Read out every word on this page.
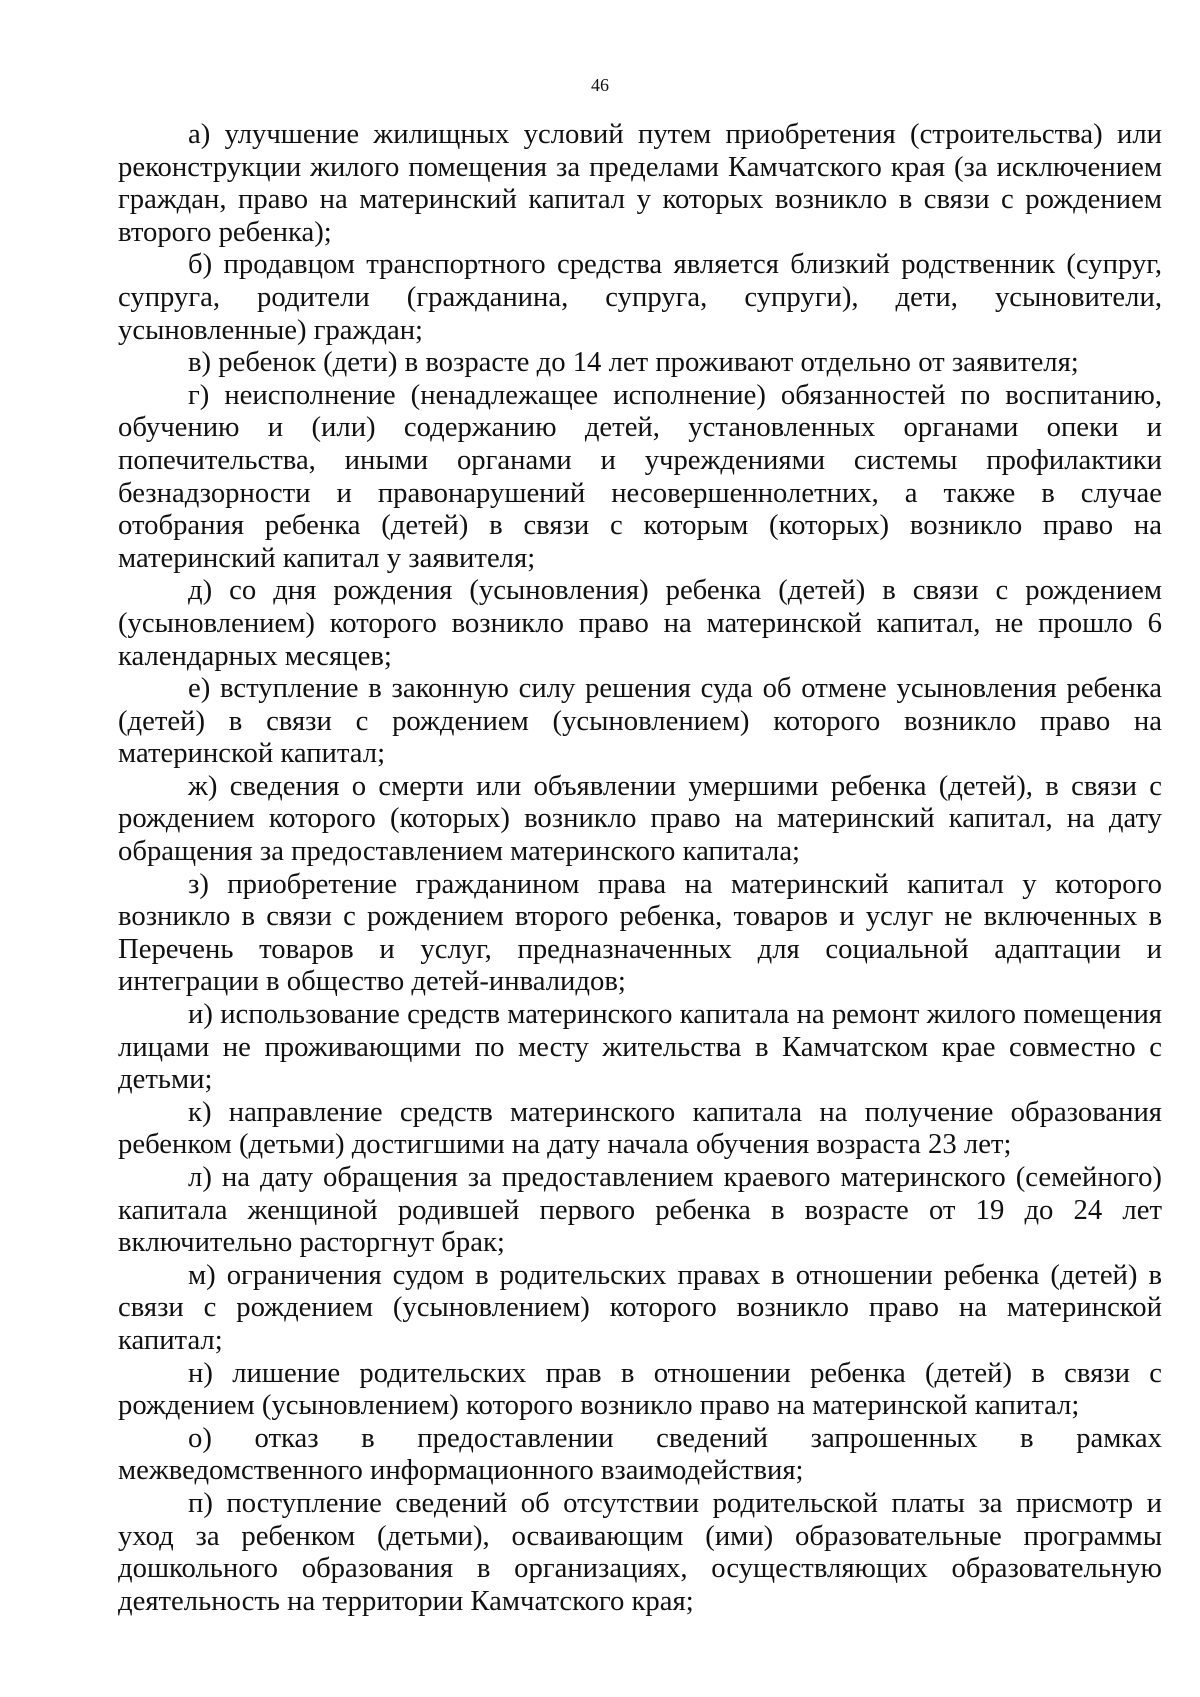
46

а) улучшение жилищных условий путем приобретения (строительства) или реконструкции жилого помещения за пределами Камчатского края (за исключением граждан, право на материнский капитал у которых возникло в связи с рождением второго ребенка);

б) продавцом транспортного средства является близкий родственник (супруг, супруга, родители (гражданина, супруга, супруги), дети, усыновители, усыновленные) граждан;

в) ребенок (дети) в возрасте до 14 лет проживают отдельно от заявителя;

г) неисполнение (ненадлежащее исполнение) обязанностей по воспитанию, обучению и (или) содержанию детей, установленных органами опеки и попечительства, иными органами и учреждениями системы профилактики безнадзорности и правонарушений несовершеннолетних, а также в случае отобрания ребенка (детей) в связи с которым (которых) возникло право на материнский капитал у заявителя;

д) со дня рождения (усыновления) ребенка (детей) в связи с рождением (усыновлением) которого возникло право на материнской капитал, не прошло 6 календарных месяцев;

е) вступление в законную силу решения суда об отмене усыновления ребенка (детей) в связи с рождением (усыновлением) которого возникло право на материнской капитал;

ж) сведения о смерти или объявлении умершими ребенка (детей), в связи с рождением которого (которых) возникло право на материнский капитал, на дату обращения за предоставлением материнского капитала;

з) приобретение гражданином права на материнский капитал у которого возникло в связи с рождением второго ребенка, товаров и услуг не включенных в Перечень товаров и услуг, предназначенных для социальной адаптации и интеграции в общество детей-инвалидов;

и) использование средств материнского капитала на ремонт жилого помещения лицами не проживающими по месту жительства в Камчатском крае совместно с детьми;

к) направление средств материнского капитала на получение образования ребенком (детьми) достигшими на дату начала обучения возраста 23 лет;

л) на дату обращения за предоставлением краевого материнского (семейного) капитала женщиной родившей первого ребенка в возрасте от 19 до 24 лет включительно расторгнут брак;

м) ограничения судом в родительских правах в отношении ребенка (детей) в связи с рождением (усыновлением) которого возникло право на материнской капитал;

н) лишение родительских прав в отношении ребенка (детей) в связи с рождением (усыновлением) которого возникло право на материнской капитал;

о) отказ в предоставлении сведений запрошенных в рамках межведомственного информационного взаимодействия;

п) поступление сведений об отсутствии родительской платы за присмотр и уход за ребенком (детьми), осваивающим (ими) образовательные программы дошкольного образования в организациях, осуществляющих образовательную деятельность на территории Камчатского края;
